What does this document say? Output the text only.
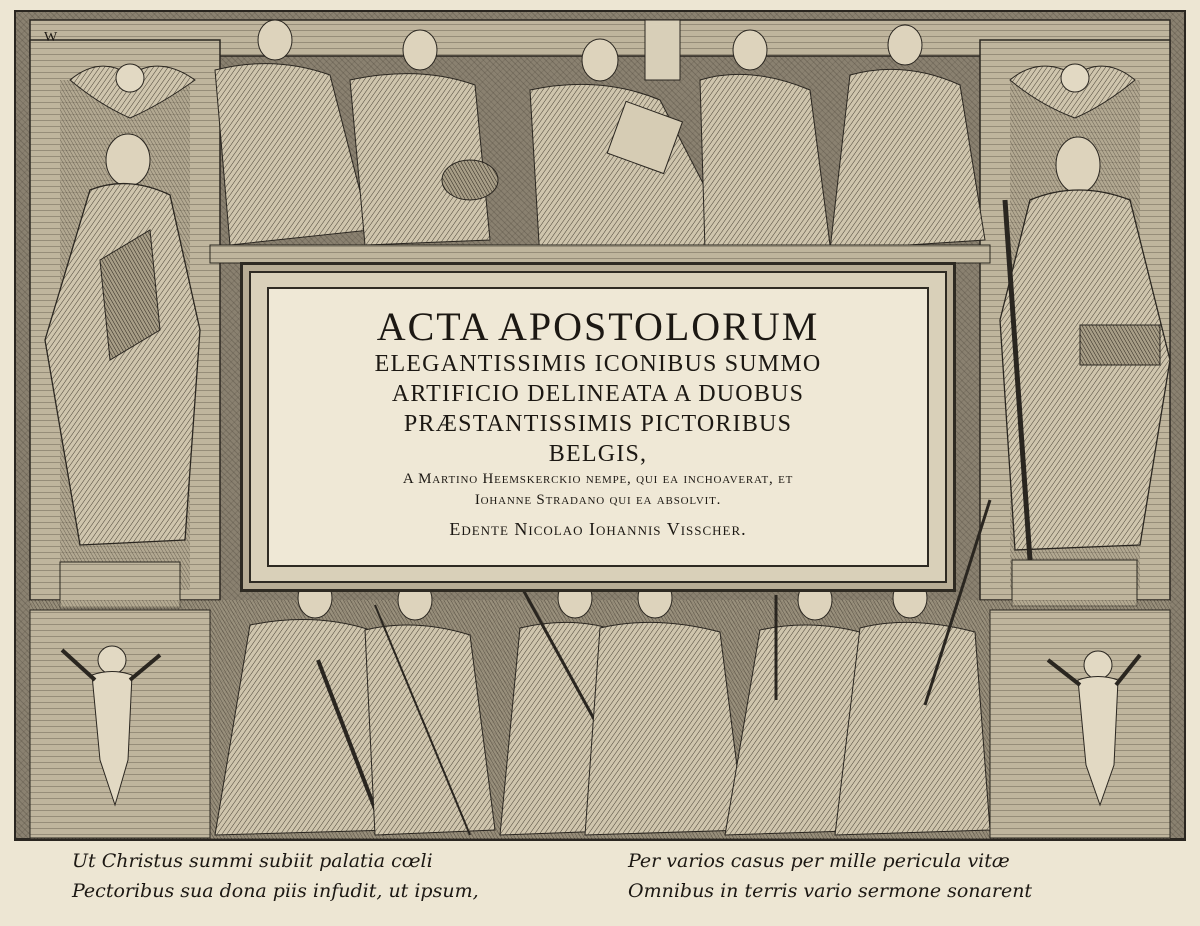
W
ACTA APOSTOLORUM
ELEGANTISSIMIS ICONIBUS SUMMO
ARTIFICIO DELINEATA A DUOBUS
PRÆSTANTISSIMIS PICTORIBUS
BELGIS,
A Martino Heemskerckio nempe, qui ea inchoaverat, et
Iohanne Stradano qui ea absolvit.
Edente Nicolao Iohannis Visscher.
Ut Christus summi subiit palatia cœli
Pectoribus sua dona piis infudit, ut ipsum,
Per varios casus per mille pericula vitæ
Omnibus in terris vario sermone sonarent
